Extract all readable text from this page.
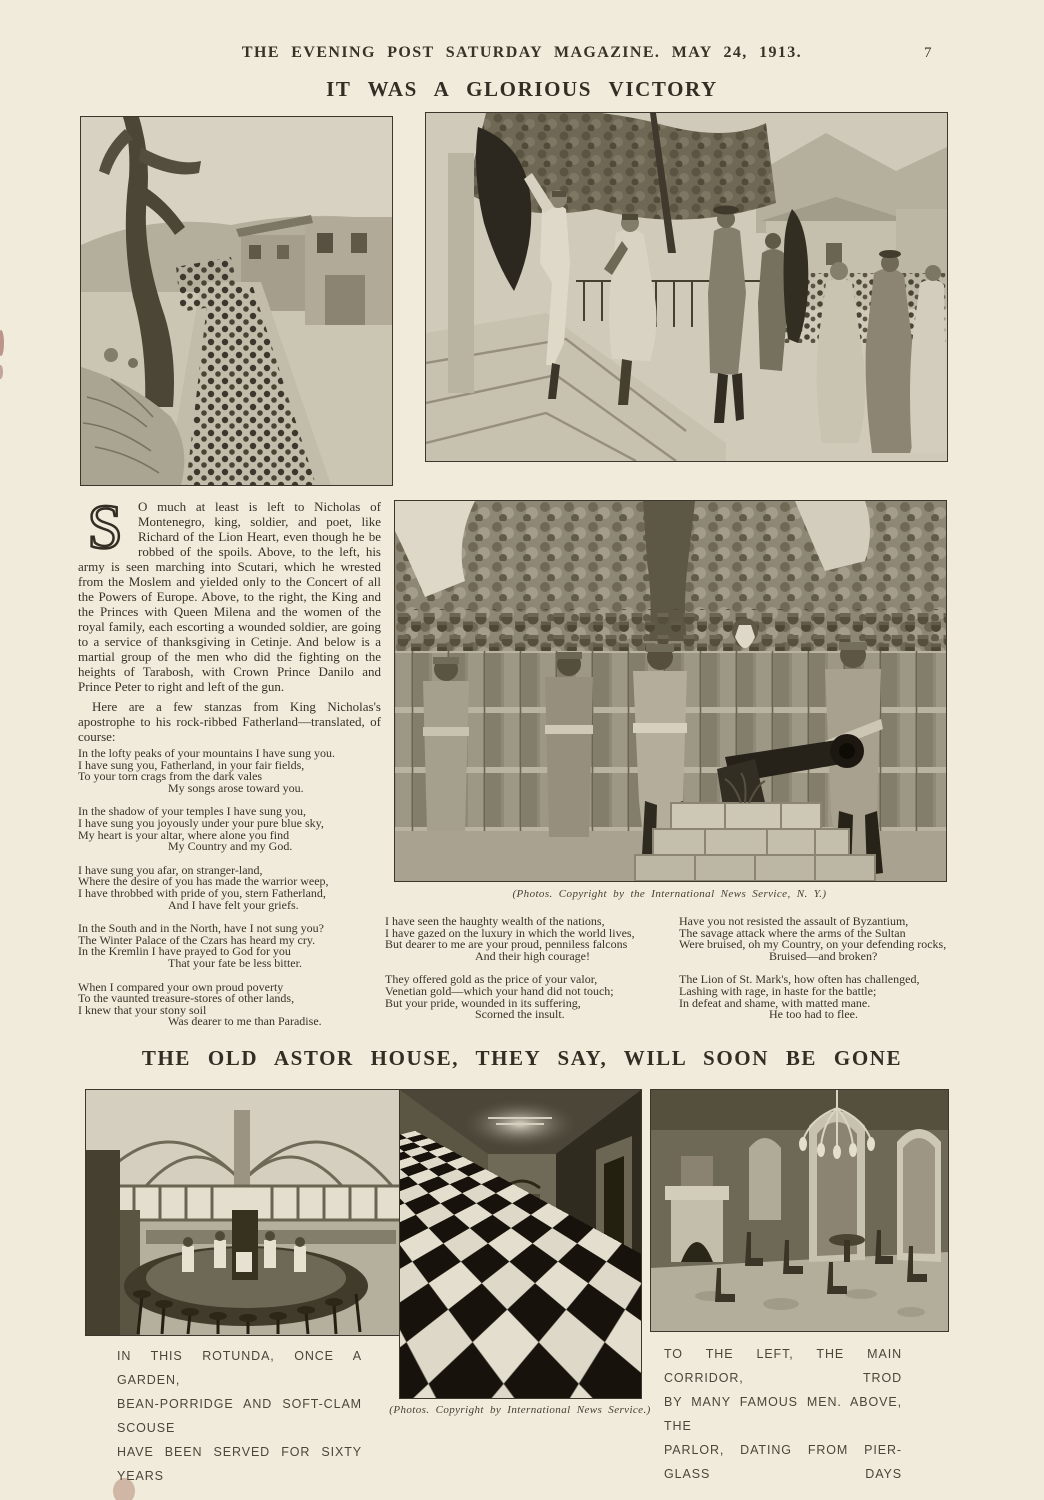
THE EVENING POST SATURDAY MAGAZINE. MAY 24, 1913.	7
IT WAS A GLORIOUS VICTORY
S	O much at least is left to Nicholas of Montenegro, king, soldier, and poet, like Richard of the Lion Heart, even though he be robbed of the spoils. Above, to the left, his army is seen marching into Scutari, which he wrested from the Moslem and yielded only to the Concert of all the Powers of Europe. Above, to the right, the King and the Princes with Queen Milena and the women of the royal family, each escorting a wounded soldier, are going to a service of thanksgiving in Cetinje. And below is a martial group of the men who did the fighting on the heights of Tarabosh, with Crown Prince Danilo and Prince Peter to right and left of the gun.
Here are a few stanzas from King Nicholas's apostrophe to his rock-ribbed Fatherland—translated, of course:
(Photos. Copyright by the International News Service, N. Y.)
In the lofty peaks of your mountains I have sung you.
I have sung you, Fatherland, in your fair fields,
To your torn crags from the dark vales
My songs arose toward you.
In the shadow of your temples I have sung you,
I have sung you joyously under your pure blue sky,
My heart is your altar, where alone you find
My Country and my God.
I have sung you afar, on stranger-land,
Where the desire of you has made the warrior weep,
I have throbbed with pride of you, stern Fatherland,
And I have felt your griefs.
In the South and in the North, have I not sung you?
The Winter Palace of the Czars has heard my cry.
In the Kremlin I have prayed to God for you
That your fate be less bitter.
When I compared your own proud poverty
To the vaunted treasure-stores of other lands,
I knew that your stony soil
Was dearer to me than Paradise.
I have seen the haughty wealth of the nations,
I have gazed on the luxury in which the world lives,
But dearer to me are your proud, penniless falcons
And their high courage!
They offered gold as the price of your valor,
Venetian gold—which your hand did not touch;
But your pride, wounded in its suffering,
Scorned the insult.
Have you not resisted the assault of Byzantium,
The savage attack where the arms of the Sultan
Were bruised, oh my Country, on your defending rocks,
Bruised—and broken?
The Lion of St. Mark's, how often has challenged,
Lashing with rage, in haste for the battle;
In defeat and shame, with matted mane.
He too had to flee.
THE OLD ASTOR HOUSE, THEY SAY, WILL SOON BE GONE
IN THIS ROTUNDA, ONCE A GARDEN,
BEAN-PORRIDGE AND SOFT-CLAM SCOUSE
HAVE BEEN SERVED FOR SIXTY YEARS
TO THE LEFT, THE MAIN CORRIDOR, TROD
BY MANY FAMOUS MEN. ABOVE, THE
PARLOR, DATING FROM PIER-GLASS DAYS
(Photos. Copyright by International News Service.)
